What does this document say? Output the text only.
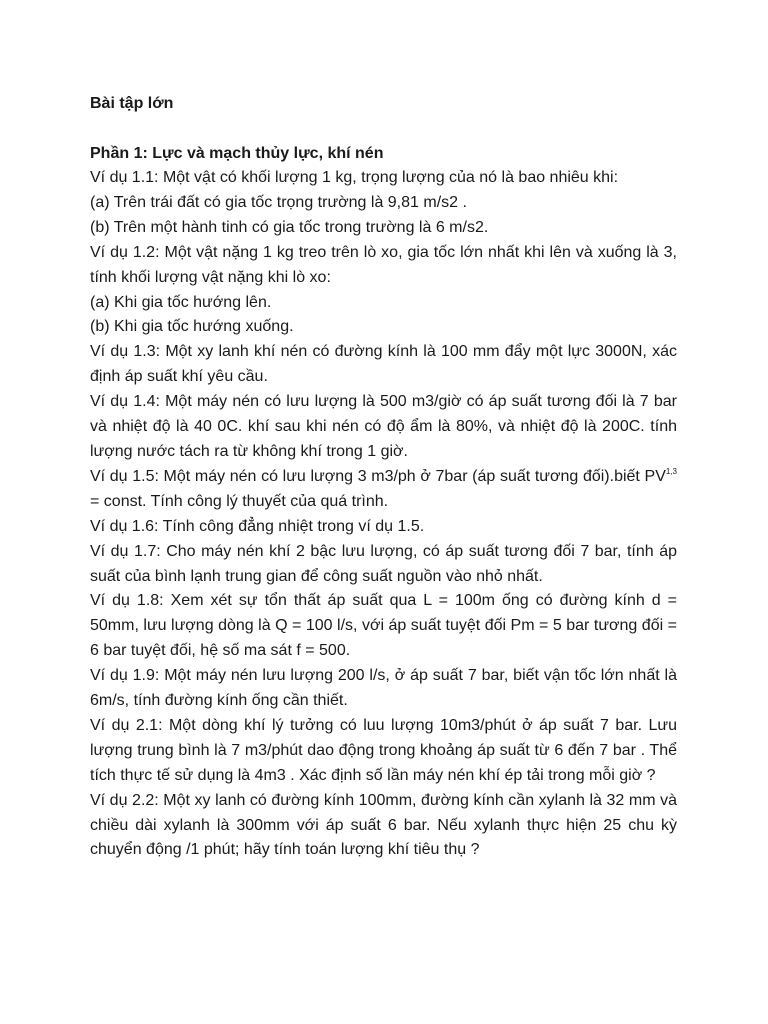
Bài tập lớn

Phần 1: Lực và mạch thủy lực, khí nén

Ví dụ 1.1: Một vật có khối lượng 1 kg, trọng lượng của nó là bao nhiêu khi:

(a) Trên trái đất có gia tốc trọng trường là 9,81 m/s2 .

(b) Trên một hành tinh có gia tốc trong trường là 6 m/s2.

Ví dụ 1.2: Một vật nặng 1 kg treo trên lò xo, gia tốc lớn nhất khi lên và xuống là 3, tính khối lượng vật nặng khi lò xo:

(a) Khi gia tốc hướng lên.

(b) Khi gia tốc hướng xuống.

Ví dụ 1.3: Một xy lanh khí nén có đường kính là 100 mm đẩy một lực 3000N, xác định áp suất khí yêu cầu.

Ví dụ 1.4: Một máy nén có lưu lượng là 500 m3/giờ có áp suất tương đối là 7 bar và nhiệt độ là 40 0C. khí sau khi nén có độ ẩm là 80%, và nhiệt độ là 200C. tính lượng nước tách ra từ không khí trong 1 giờ.

Ví dụ 1.5: Một máy nén có lưu lượng 3 m3/ph ở 7bar (áp suất tương đối).biết PV$^{1,3}$ = const. Tính công lý thuyết của quá trình.

Ví dụ 1.6: Tính công đẳng nhiệt trong ví dụ 1.5.

Ví dụ 1.7: Cho máy nén khí 2 bậc lưu lượng, có áp suất tương đối 7 bar, tính áp suất của bình lạnh trung gian để công suất nguồn vào nhỏ nhất.

Ví dụ 1.8: Xem xét sự tổn thất áp suất qua L = 100m ống có đường kính d = 50mm, lưu lượng dòng là Q = 100 l/s, với áp suất tuyệt đối Pm = 5 bar tương đối = 6 bar tuyệt đối, hệ số ma sát f = 500.

Ví dụ 1.9: Một máy nén lưu lượng 200 l/s, ở áp suất 7 bar, biết vận tốc lớn nhất là 6m/s, tính đường kính ống cần thiết.

Ví dụ 2.1: Một dòng khí lý tưởng có luu lượng 10m3/phút ở áp suất 7 bar. Lưu lượng trung bình là 7 m3/phút dao động trong khoảng áp suất từ 6 đến 7 bar . Thể tích thực tế sử dụng là 4m3 . Xác định số lần máy nén khí ép tải trong mỗi giờ ?

Ví dụ 2.2: Một xy lanh có đường kính 100mm, đường kính cần xylanh là 32 mm và chiều dài xylanh là 300mm với áp suất 6 bar. Nếu xylanh thực hiện 25 chu kỳ chuyển động /1 phút; hãy tính toán lượng khí tiêu thụ ?
